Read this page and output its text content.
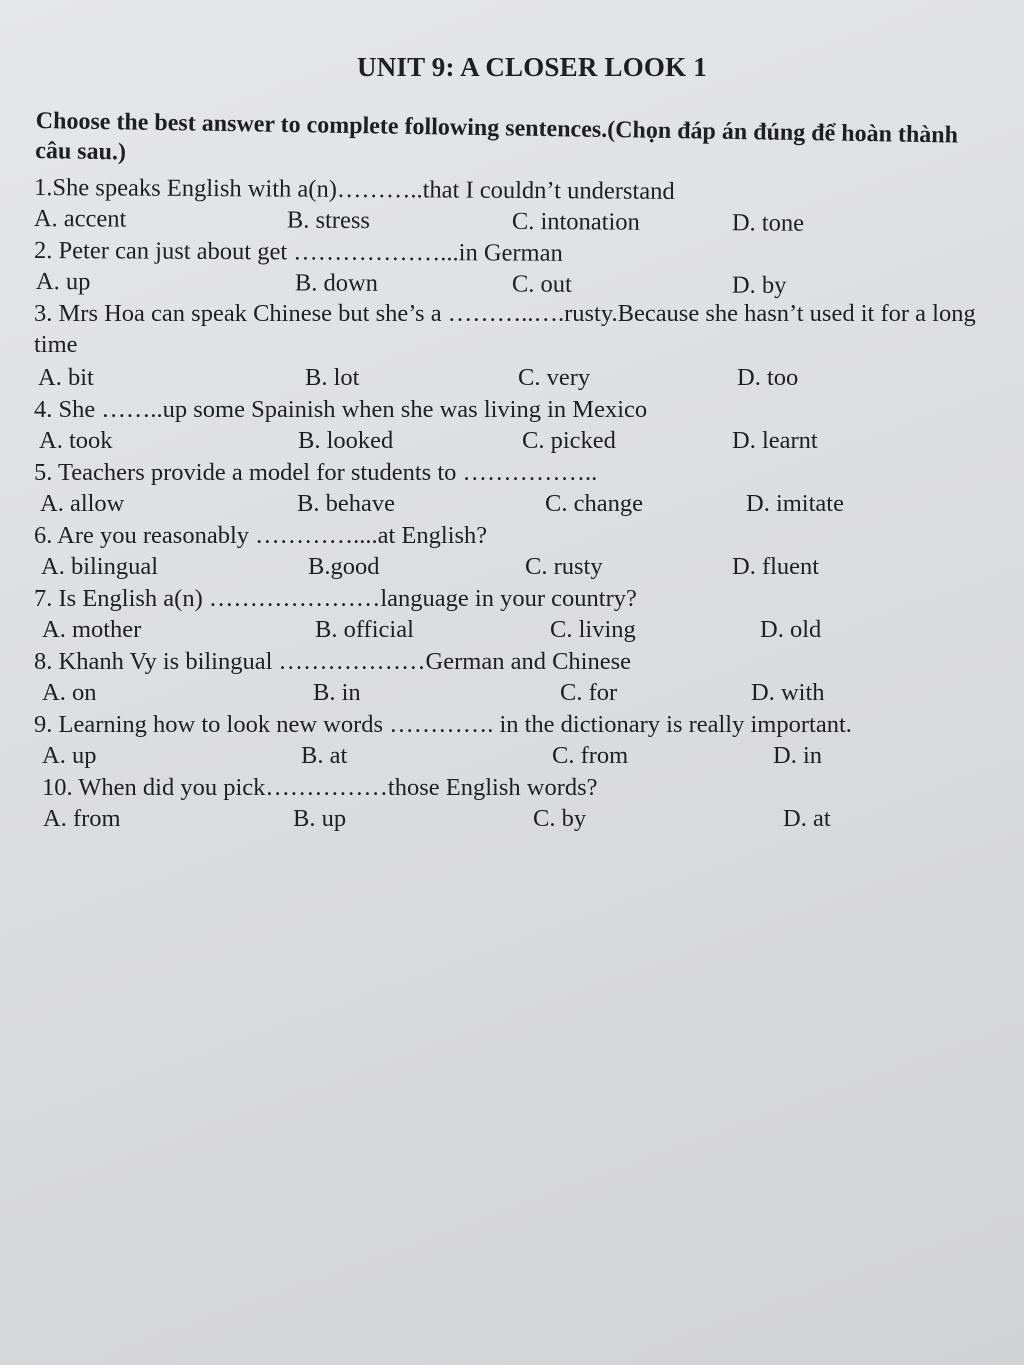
UNIT 9: A CLOSER LOOK 1
Choose the best answer to complete following sentences.(Chọn đáp án đúng để hoàn thành câu sau.)
1.She speaks English with a(n)………..that I couldn’t understand
A. accent	B. stress	C. intonation	D. tone
2. Peter can just about get ………………...in German
A. up	B. down	C. out	D. by
3. Mrs Hoa can speak Chinese but she’s a ………..….rusty.Because she hasn’t used it for a long time
A. bit	B. lot	C. very	D. too
4. She ……..up some Spainish when she was living in Mexico
A. took	B. looked	C. picked	D. learnt
5. Teachers provide a model for students to ……………..
A. allow	B. behave	C. change	D. imitate
6. Are you reasonably …………....at English?
A. bilingual	B.good	C. rusty	D. fluent
7. Is English a(n) …………………language in your country?
A. mother	B. official	C. living	D. old
8. Khanh Vy is bilingual ………………German and Chinese
A. on	B. in	C. for	D. with
9. Learning how to look new words …………. in the dictionary is really important.
A. up	B. at	C. from	D. in
10. When did you pick……………those English words?
A. from	B. up	C. by	D. at
